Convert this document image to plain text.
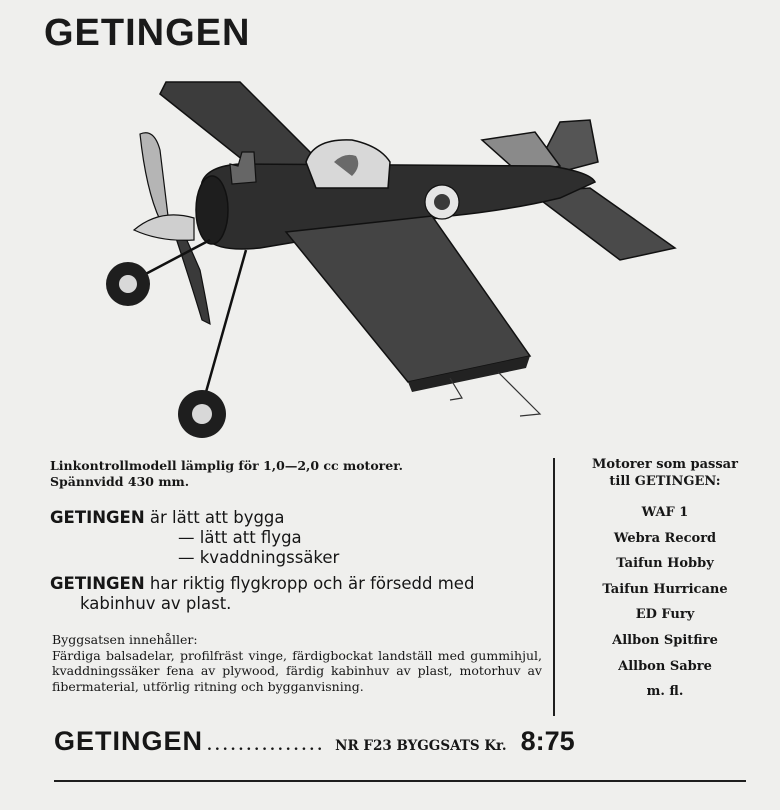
GETINGEN
Linkontrollmodell lämplig för 1,0—2,0 cc motorer.
Spännvidd 430 mm.
GETINGEN är lätt att bygga
— lätt att flyga
— kvaddningssäker
GETINGEN har riktig flygkropp och är försedd med
kabinhuv av plast.
Byggsatsen innehåller:
Färdiga balsadelar, profilfräst vinge, färdigbockat landställ med gummihjul, kvaddningssäker fena av plywood, färdig kabinhuv av plast, motorhuv av fibermaterial, utförlig ritning och bygganvisning.
Motorer som passar
till GETINGEN:
WAF 1
Webra Record
Taifun Hobby
Taifun Hurricane
ED Fury
Allbon Spitfire
Allbon Sabre
m. fl.
GETINGEN ............... NR F23 BYGGSATS Kr. 8:75
